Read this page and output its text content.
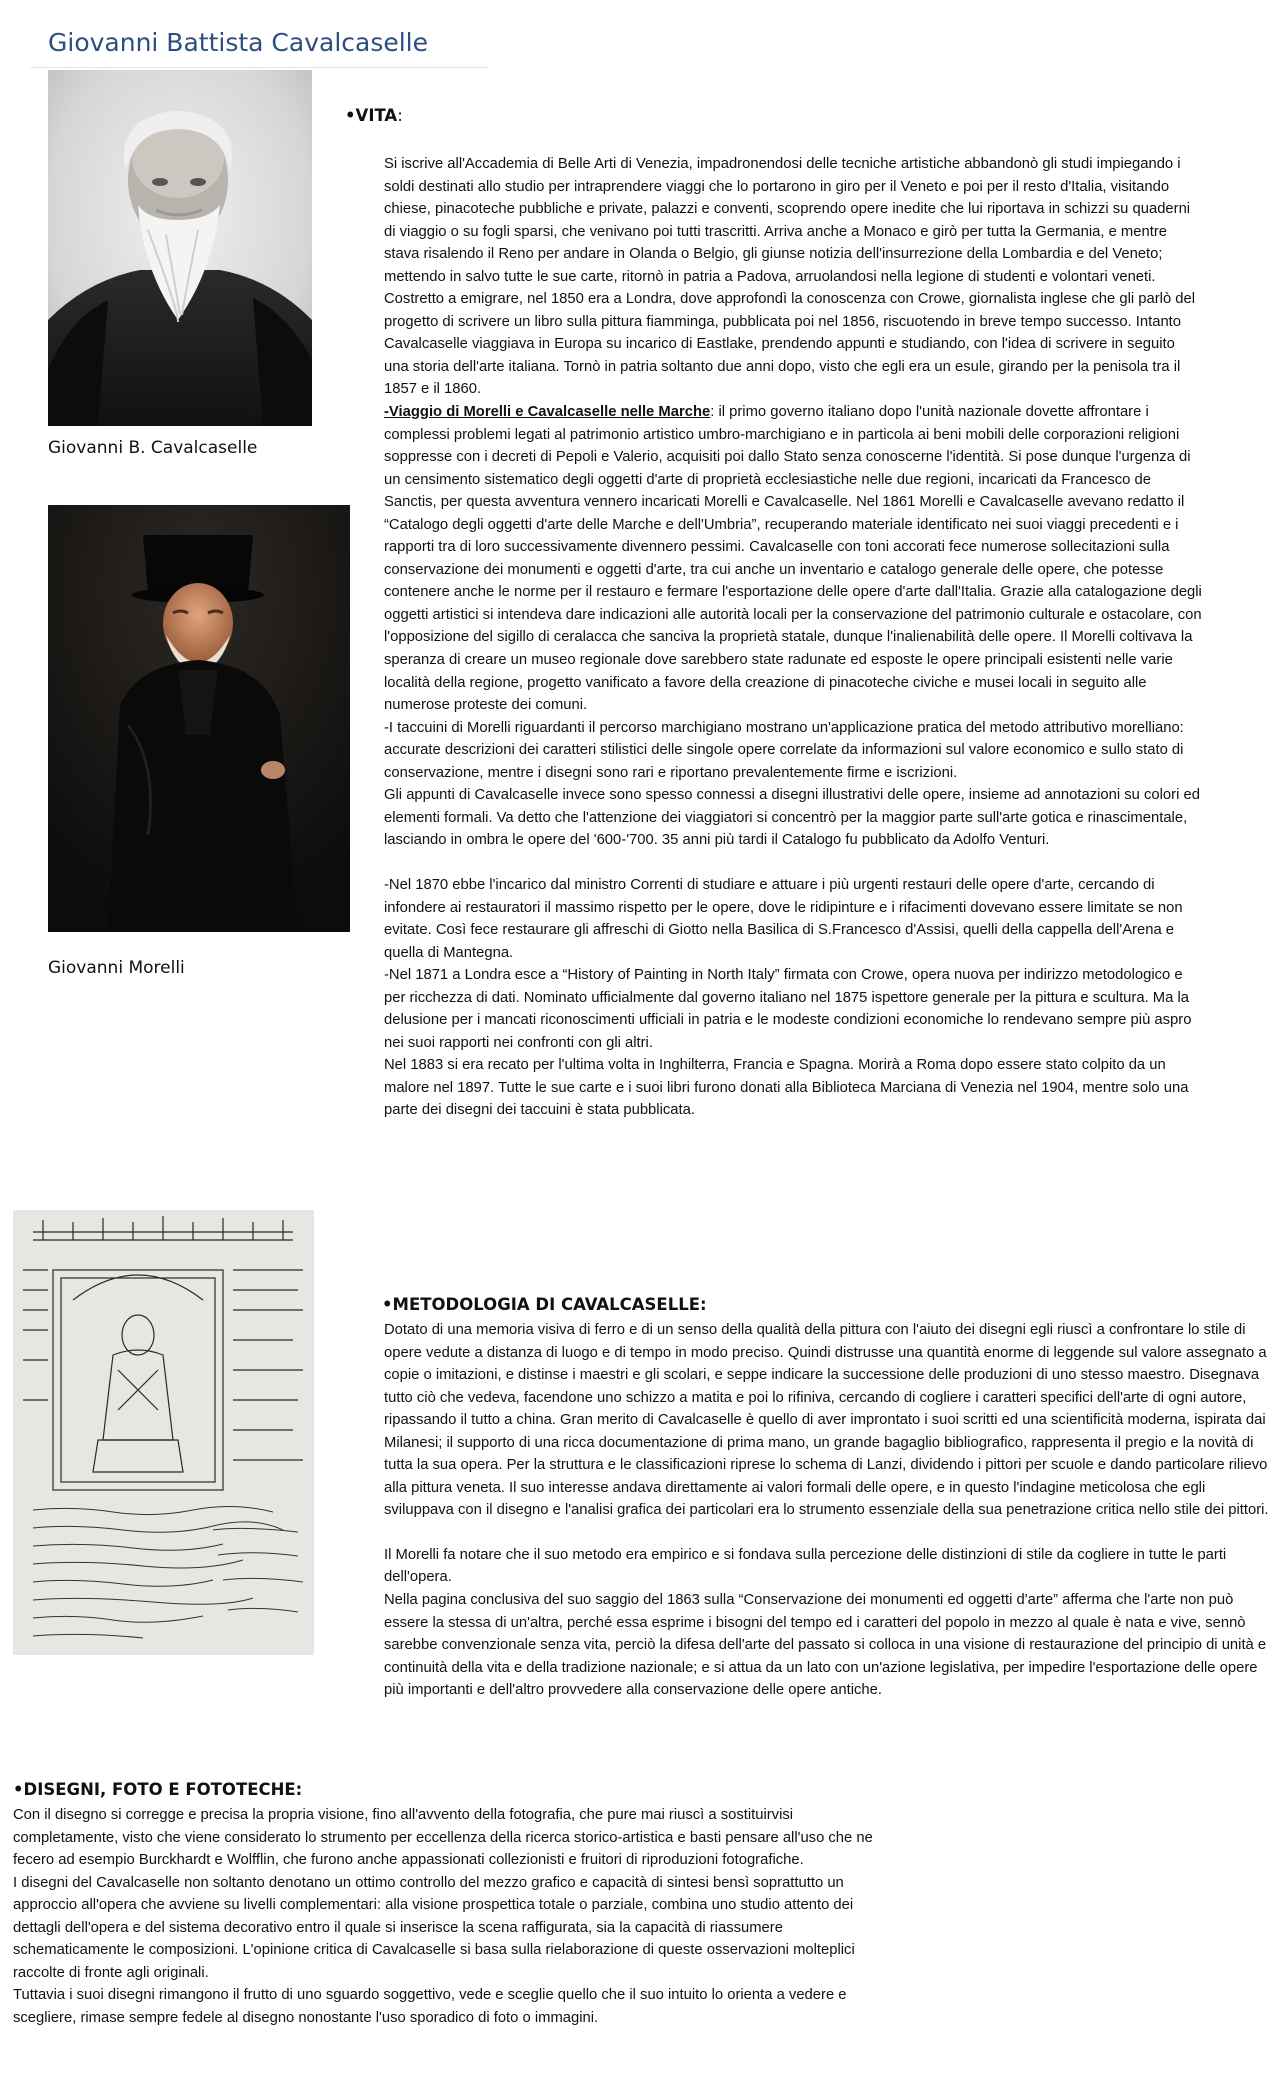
Giovanni Battista Cavalcaselle
Giovanni B. Cavalcaselle
Giovanni Morelli
•VITA:

Si iscrive all'Accademia di Belle Arti di Venezia, impadronendosi delle tecniche artistiche abbandonò gli studi impiegando i soldi destinati allo studio per intraprendere viaggi che lo portarono in giro per il Veneto e poi per il resto d'Italia, visitando chiese, pinacoteche pubbliche e private, palazzi e conventi, scoprendo opere inedite che lui riportava in schizzi su quaderni di viaggio o su fogli sparsi, che venivano poi tutti trascritti. Arriva anche a Monaco e girò per tutta la Germania, e mentre stava risalendo il Reno per andare in Olanda o Belgio, gli giunse notizia dell'insurrezione della Lombardia e del Veneto; mettendo in salvo tutte le sue carte, ritornò in patria a Padova, arruolandosi nella legione di studenti e volontari veneti. Costretto a emigrare, nel 1850 era a Londra, dove approfondì la conoscenza con Crowe, giornalista inglese che gli parlò del progetto di scrivere un libro sulla pittura fiamminga, pubblicata poi nel 1856, riscuotendo in breve tempo successo. Intanto Cavalcaselle viaggiava in Europa su incarico di Eastlake, prendendo appunti e studiando, con l'idea di scrivere in seguito una storia dell'arte italiana. Tornò in patria soltanto due anni dopo, visto che egli era un esule, girando per la penisola tra il 1857 e il 1860.

-Viaggio di Morelli e Cavalcaselle nelle Marche: il primo governo italiano dopo l'unità nazionale dovette affrontare i complessi problemi legati al patrimonio artistico umbro-marchigiano e in particola ai beni mobili delle corporazioni religioni soppresse con i decreti di Pepoli e Valerio, acquisiti poi dallo Stato senza conoscerne l'identità. Si pose dunque l'urgenza di un censimento sistematico degli oggetti d'arte di proprietà ecclesiastiche nelle due regioni, incaricati da Francesco de Sanctis, per questa avventura vennero incaricati Morelli e Cavalcaselle. Nel 1861 Morelli e Cavalcaselle avevano redatto il “Catalogo degli oggetti d'arte delle Marche e dell'Umbria”, recuperando materiale identificato nei suoi viaggi precedenti e i rapporti tra di loro successivamente divennero pessimi. Cavalcaselle con toni accorati fece numerose sollecitazioni sulla conservazione dei monumenti e oggetti d'arte, tra cui anche un inventario e catalogo generale delle opere, che potesse contenere anche le norme per il restauro e fermare l'esportazione delle opere d'arte dall'Italia. Grazie alla catalogazione degli oggetti artistici si intendeva dare indicazioni alle autorità locali per la conservazione del patrimonio culturale e ostacolare, con l'opposizione del sigillo di ceralacca che sanciva la proprietà statale, dunque l'inalienabilità delle opere. Il Morelli coltivava la speranza di creare un museo regionale dove sarebbero state radunate ed esposte le opere principali esistenti nelle varie località della regione, progetto vanificato a favore della creazione di pinacoteche civiche e musei locali in seguito alle numerose proteste dei comuni.

-I taccuini di Morelli riguardanti il percorso marchigiano mostrano un'applicazione pratica del metodo attributivo morelliano: accurate descrizioni dei caratteri stilistici delle singole opere correlate da informazioni sul valore economico e sullo stato di conservazione, mentre i disegni sono rari e riportano prevalentemente firme e iscrizioni.

Gli appunti di Cavalcaselle invece sono spesso connessi a disegni illustrativi delle opere, insieme ad annotazioni su colori ed elementi formali. Va detto che l'attenzione dei viaggiatori si concentrò per la maggior parte sull'arte gotica e rinascimentale, lasciando in ombra le opere del '600-'700. 35 anni più tardi il Catalogo fu pubblicato da Adolfo Venturi.

-Nel 1870 ebbe l'incarico dal ministro Correnti di studiare e attuare i più urgenti restauri delle opere d'arte, cercando di infondere ai restauratori il massimo rispetto per le opere, dove le ridipinture e i rifacimenti dovevano essere limitate se non evitate. Così fece restaurare gli affreschi di Giotto nella Basilica di S.Francesco d'Assisi, quelli della cappella dell'Arena e quella di Mantegna.

-Nel 1871 a Londra esce a “History of Painting in North Italy” firmata con Crowe, opera nuova per indirizzo metodologico e per ricchezza di dati. Nominato ufficialmente dal governo italiano nel 1875 ispettore generale per la pittura e scultura. Ma la delusione per i mancati riconoscimenti ufficiali in patria e le modeste condizioni economiche lo rendevano sempre più aspro nei suoi rapporti nei confronti con gli altri.

Nel 1883 si era recato per l'ultima volta in Inghilterra, Francia e Spagna. Morirà a Roma dopo essere stato colpito da un malore nel 1897. Tutte le sue carte e i suoi libri furono donati alla Biblioteca Marciana di Venezia nel 1904, mentre solo una parte dei disegni dei taccuini è stata pubblicata.

•METODOLOGIA DI CAVALCASELLE:

Dotato di una memoria visiva di ferro e di un senso della qualità della pittura con l'aiuto dei disegni egli riuscì a confrontare lo stile di opere vedute a distanza di luogo e di tempo in modo preciso. Quindi distrusse una quantità enorme di leggende sul valore assegnato a copie o imitazioni, e distinse i maestri e gli scolari, e seppe indicare la successione delle produzioni di uno stesso maestro. Disegnava tutto ciò che vedeva, facendone uno schizzo a matita e poi lo rifiniva, cercando di cogliere i caratteri specifici dell'arte di ogni autore, ripassando il tutto a china. Gran merito di Cavalcaselle è quello di aver improntato i suoi scritti ed una scientificità moderna, ispirata dai Milanesi; il supporto di una ricca documentazione di prima mano, un grande bagaglio bibliografico, rappresenta il pregio e la novità di tutta la sua opera. Per la struttura e le classificazioni riprese lo schema di Lanzi, dividendo i pittori per scuole e dando particolare rilievo alla pittura veneta. Il suo interesse andava direttamente ai valori formali delle opere, e in questo l'indagine meticolosa che egli sviluppava con il disegno e l'analisi grafica dei particolari era lo strumento essenziale della sua penetrazione critica nello stile dei pittori.

Il Morelli fa notare che il suo metodo era empirico e si fondava sulla percezione delle distinzioni di stile da cogliere in tutte le parti dell'opera.

Nella pagina conclusiva del suo saggio del 1863 sulla “Conservazione dei monumenti ed oggetti d'arte” afferma che l'arte non può essere la stessa di un'altra, perché essa esprime i bisogni del tempo ed i caratteri del popolo in mezzo al quale è nata e vive, sennò sarebbe convenzionale senza vita, perciò la difesa dell'arte del passato si colloca in una visione di restaurazione del principio di unità e continuità della vita e della tradizione nazionale; e si attua da un lato con un'azione legislativa, per impedire l'esportazione delle opere più importanti e dell'altro provvedere alla conservazione delle opere antiche.

•DISEGNI, FOTO E FOTOTECHE:

Con il disegno si corregge e precisa la propria visione, fino all'avvento della fotografia, che pure mai riuscì a sostituirvisi completamente, visto che viene considerato lo strumento per eccellenza della ricerca storico-artistica e basti pensare all'uso che ne fecero ad esempio Burckhardt e Wolfflin, che furono anche appassionati collezionisti e fruitori di riproduzioni fotografiche.

I disegni del Cavalcaselle non soltanto denotano un ottimo controllo del mezzo grafico e capacità di sintesi bensì soprattutto un approccio all'opera che avviene su livelli complementari: alla visione prospettica totale o parziale, combina uno studio attento dei dettagli dell'opera e del sistema decorativo entro il quale si inserisce la scena raffigurata, sia la capacità di riassumere schematicamente le composizioni. L'opinione critica di Cavalcaselle si basa sulla rielaborazione di queste osservazioni molteplici raccolte di fronte agli originali.

Tuttavia i suoi disegni rimangono il frutto di uno sguardo soggettivo, vede e sceglie quello che il suo intuito lo orienta a vedere e scegliere, rimase sempre fedele al disegno nonostante l'uso sporadico di foto o immagini.
